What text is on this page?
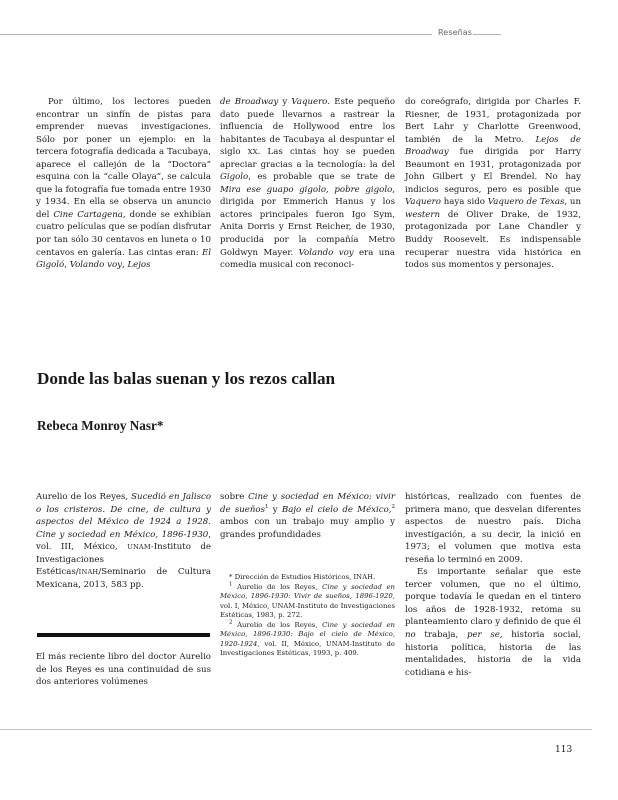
Reseñas

Por último, los lectores pueden encontrar un sinfín de pistas para emprender nuevas investigaciones. Sólo por poner un ejemplo: en la tercera fotografía dedicada a Tacubaya, aparece el callejón de la “Doctora” esquina con la “calle Olaya”, se calcula que la fotografía fue tomada entre 1930 y 1934. En ella se observa un anuncio del Cine Cartagena, donde se exhibían cuatro películas que se podían disfrutar por tan sólo 30 centavos en luneta o 10 centavos en galería. Las cintas eran: El Gigoló, Volando voy, Lejos

de Broadway y Vaquero. Este pequeño dato puede llevarnos a rastrear la influencia de Hollywood entre los habitantes de Tacubaya al despuntar el siglo XX. Las cintas hoy se pueden apreciar gracias a la tecnología: la del Gigolo, es probable que se trate de Mira ese guapo gigolo, pobre gigolo, dirigida por Emmerich Hanus y los actores principales fueron Igo Sym, Anita Dorris y Ernst Reicher, de 1930, producida por la compañía Metro Goldwyn Mayer. Volando voy era una comedia musical con reconoci-

do coreógrafo, dirigida por Charles F. Riesner, de 1931, protagonizada por Bert Lahr y Charlotte Greenwood, también de la Metro. Lejos de Broadway fue dirigida por Harry Beaumont en 1931, protagonizada por John Gilbert y El Brendel. No hay indicios seguros, pero es posible que Vaquero haya sido Vaquero de Texas, un western de Oliver Drake, de 1932, protagonizada por Lane Chandler y Buddy Roosevelt. Es indispensable recuperar nuestra vida histórica en todos sus momentos y personajes.

Donde las balas suenan y los rezos callan
Rebeca Monroy Nasr*

Aurelio de los Reyes, Sucedió en Jalisco o los cristeros. De cine, de cultura y aspectos del México de 1924 a 1928. Cine y sociedad en México, 1896-1930, vol. III, México, UNAM-Instituto de Investigaciones Estéticas/INAH/Seminario de Cultura Mexicana, 2013, 583 pp.

El más reciente libro del doctor Aurelio de los Reyes es una continuidad de sus dos anteriores volúmenes

sobre Cine y sociedad en México: vivir de sueños$^1$ y Bajo el cielo de México,$^2$ ambos con un trabajo muy amplio y grandes profundidades

* Dirección de Estudios Históricos, INAH.

$^1$ Aurelio de los Reyes, Cine y sociedad en México, 1896-1930: Vivir de sueños, 1896-1920, vol. I, México, UNAM-Instituto de Investigaciones Estéticas, 1983, p. 272.

$^2$ Aurelio de los Reyes, Cine y sociedad en México, 1896-1930: Bajo el cielo de México, 1920-1924, vol. II, México, UNAM-Instituto de Investigaciones Estéticas, 1993, p. 409.

históricas, realizado con fuentes de primera mano, que desvelan diferentes aspectos de nuestro país. Dicha investigación, a su decir, la inició en 1973; el volumen que motiva esta reseña lo terminó en 2009.

Es importante señalar que este tercer volumen, que no el último, porque todavía le quedan en el tintero los años de 1928-1932, retoma su planteamiento claro y definido de que él no trabaja, per se, historia social, historia política, historia de las mentalidades, historia de la vida cotidiana e his-

113
